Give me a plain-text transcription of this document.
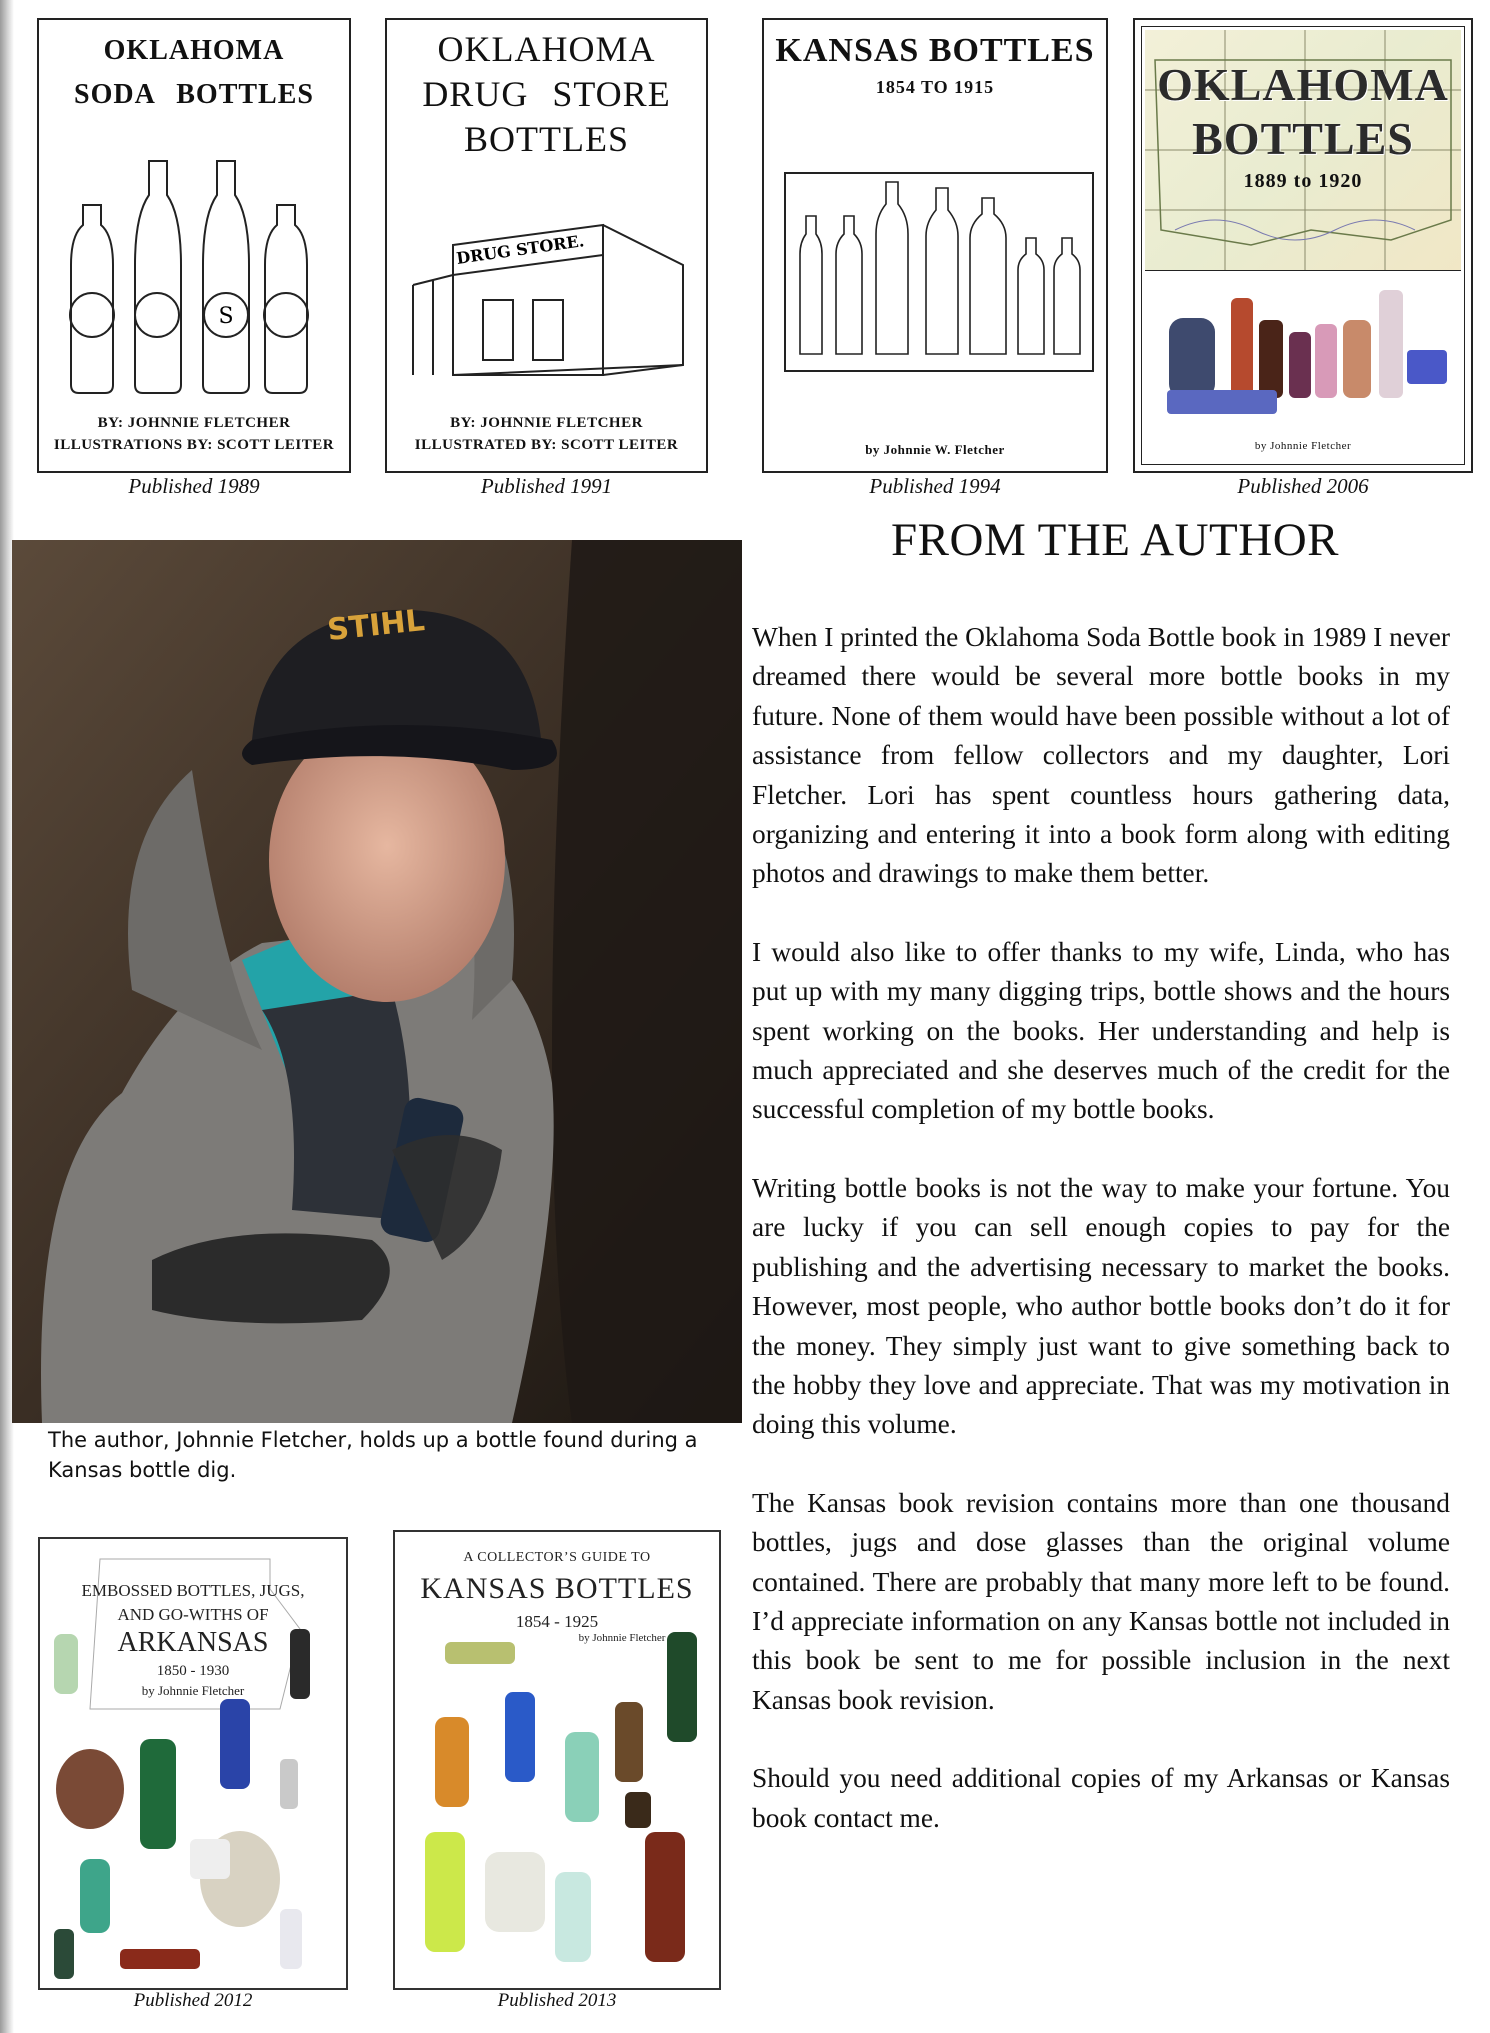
OKLAHOMA
SODA BOTTLES
S
BY: JOHNNIE FLETCHER
ILLUSTRATIONS BY: SCOTT LEITER
Published 1989
OKLAHOMA
DRUG STORE
BOTTLES
DRUG STORE.
BY: JOHNNIE FLETCHER
ILLUSTRATED BY: SCOTT LEITER
Published 1991
KANSAS BOTTLES
1854 TO 1915
by Johnnie W. Fletcher
Published 1994
OKLAHOMA
BOTTLES
1889 to 1920
by Johnnie Fletcher
Published 2006
STIHL
The author, Johnnie Fletcher, holds up a bottle found during a Kansas bottle dig.
FROM THE AUTHOR

When I printed the Oklahoma Soda Bottle book in 1989 I never dreamed there would be several more bottle books in my future. None of them would have been possible without a lot of assistance from fellow collectors and my daughter, Lori Fletcher. Lori has spent countless hours gathering data, organizing and entering it into a book form along with editing photos and drawings to make them better.

I would also like to offer thanks to my wife, Linda, who has put up with my many digging trips, bottle shows and the hours spent working on the books. Her understanding and help is much appreciated and she deserves much of the credit for the successful completion of my bottle books.

Writing bottle books is not the way to make your fortune. You are lucky if you can sell enough copies to pay for the publishing and the advertising necessary to market the books. However, most people, who author bottle books don’t do it for the money. They simply just want to give something back to the hobby they love and appreciate. That was my motivation in doing this volume.

The Kansas book revision contains more than one thousand bottles, jugs and dose glasses than the original volume contained. There are probably that many more left to be found. I’d appreciate information on any Kansas bottle not included in this book be sent to me for possible inclusion in the next Kansas book revision.

Should you need additional copies of my Arkansas or Kansas book contact me.

EMBOSSED BOTTLES, JUGS,
AND GO-WITHS OF
ARKANSAS
1850 - 1930
by Johnnie Fletcher
Published 2012
A COLLECTOR’S GUIDE TO
KANSAS BOTTLES
1854 - 1925
by Johnnie Fletcher
Published 2013
